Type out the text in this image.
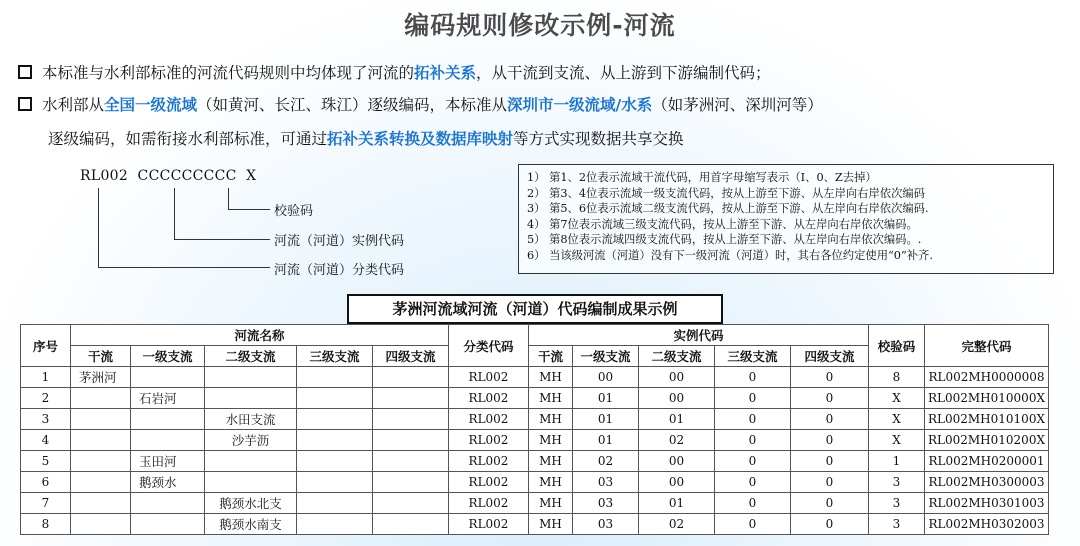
编码规则修改示例-河流
本标准与水利部标准的河流代码规则中均体现了河流的拓补关系，从干流到支流、从上游到下游编制代码；
水利部从全国一级流域（如黄河、长江、珠江）逐级编码，本标准从深圳市一级流域/水系（如茅洲河、深圳河等）
逐级编码，如需衔接水利部标准，可通过拓补关系转换及数据库映射等方式实现数据共享交换
RL002  CCCCCCCCC  X
校验码
河流（河道）实例代码
河流（河道）分类代码
1） 第1、2位表示流域干流代码，用首字母缩写表示（I、0、Z去掉）
2） 第3、4位表示流域一级支流代码，按从上游至下游、从左岸向右岸依次编码
3） 第5、6位表示流域二级支流代码，按从上游至下游、从左岸向右岸依次编码.
4） 第7位表示流域三级支流代码，按从上游至下游、从左岸向右岸依次编码。
5） 第8位表示流域四级支流代码，按从上游至下游、从左岸向右岸依次编码。.
6） 当该级河流（河道）没有下一级河流（河道）时，其右各位约定使用“0”补齐.
茅洲河流域河流（河道）代码编制成果示例
序号	河流名称					分类代码	实例代码					校验码	完整代码
	干流	一级支流	二级支流	三级支流	四级支流		干流	一级支流	二级支流	三级支流	四级支流		
1	茅洲河					RL002	MH	00	00	0	0	8	RL002MH0000008
2		石岩河				RL002	MH	01	00	0	0	X	RL002MH010000X
3			水田支流			RL002	MH	01	01	0	0	X	RL002MH010100X
4			沙芋沥			RL002	MH	01	02	0	0	X	RL002MH010200X
5		玉田河				RL002	MH	02	00	0	0	1	RL002MH0200001
6		鹅颈水				RL002	MH	03	00	0	0	3	RL002MH0300003
7			鹅颈水北支			RL002	MH	03	01	0	0	3	RL002MH0301003
8			鹅颈水南支			RL002	MH	03	02	0	0	3	RL002MH0302003
